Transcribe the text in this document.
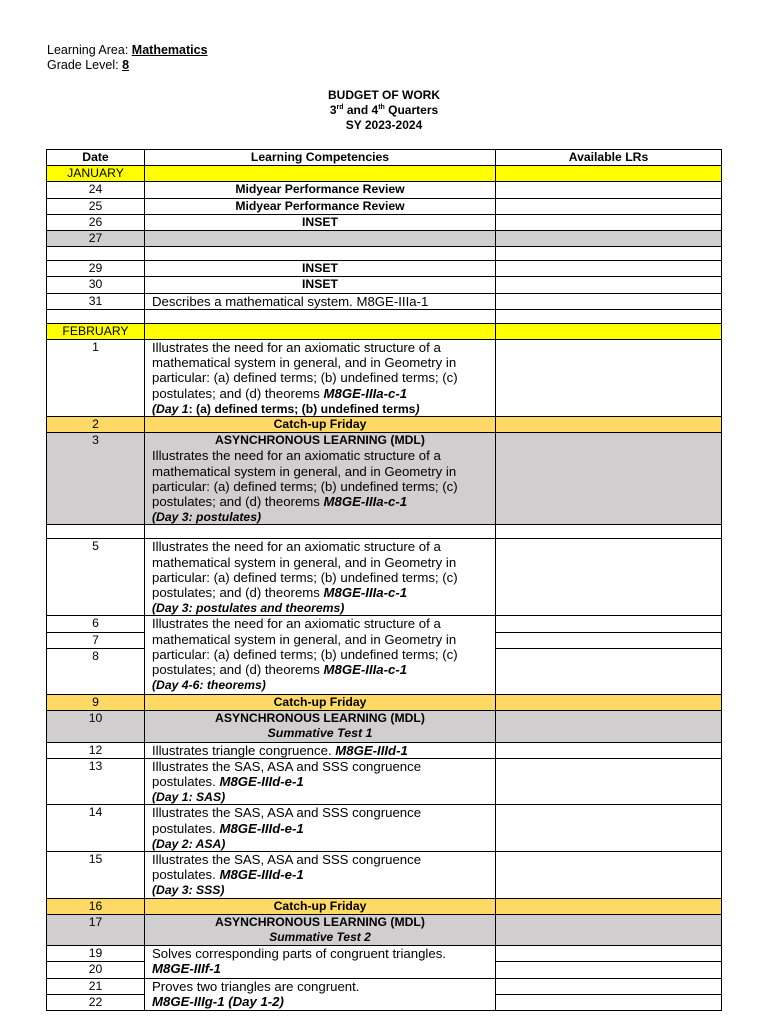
Learning Area: Mathematics
Grade Level: 8
BUDGET OF WORK
3rd and 4th Quarters
SY 2023-2024
Date	Learning Competencies	Available LRs
JANUARY		
24	Midyear Performance Review	
25	Midyear Performance Review	
26	INSET	
27		

29	INSET	
30	INSET	
31	Describes a mathematical system. M8GE-IIIa-1	

FEBRUARY		
1	Illustrates the need for an axiomatic structure of a mathematical system in general, and in Geometry in particular: (a) defined terms; (b) undefined terms; (c) postulates; and (d) theorems M8GE-IIIa-c-1
(Day 1: (a) defined terms; (b) undefined terms)	
2	Catch-up Friday	
3	ASYNCHRONOUS LEARNING (MDL)
Illustrates the need for an axiomatic structure of a mathematical system in general, and in Geometry in particular: (a) defined terms; (b) undefined terms; (c) postulates; and (d) theorems M8GE-IIIa-c-1
(Day 3: postulates)	

5	Illustrates the need for an axiomatic structure of a mathematical system in general, and in Geometry in particular: (a) defined terms; (b) undefined terms; (c) postulates; and (d) theorems M8GE-IIIa-c-1
(Day 3: postulates and theorems)	
6	Illustrates the need for an axiomatic structure of a mathematical system in general, and in Geometry in particular: (a) defined terms; (b) undefined terms; (c) postulates; and (d) theorems M8GE-IIIa-c-1
(Day 4-6: theorems)	
7		
8		
9	Catch-up Friday	
10	ASYNCHRONOUS LEARNING (MDL)
Summative Test 1	

12	Illustrates triangle congruence. M8GE-IIId-1	
13	Illustrates the SAS, ASA and SSS congruence postulates. M8GE-IIId-e-1
(Day 1: SAS)	
14	Illustrates the SAS, ASA and SSS congruence postulates. M8GE-IIId-e-1
(Day 2: ASA)	
15	Illustrates the SAS, ASA and SSS congruence postulates. M8GE-IIId-e-1
(Day 3: SSS)	
16	Catch-up Friday	
17	ASYNCHRONOUS LEARNING (MDL)
Summative Test 2	

19	Solves corresponding parts of congruent triangles.
M8GE-IIIf-1	
20		
21	Proves two triangles are congruent.
M8GE-IIIg-1 (Day 1-2)	
22		
